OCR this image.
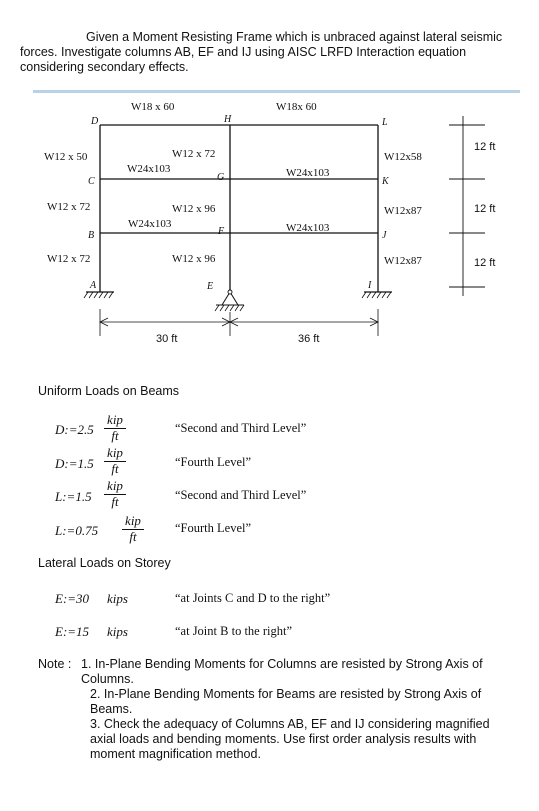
Given a Moment Resisting Frame which is unbraced against lateral seismic
forces. Investigate columns AB, EF and IJ using AISC LRFD Interaction equation
considering secondary effects.
D
C
B
A
H
G
F
E
L
K
J
I
W18 x 60	W18x 60
W24x103	W24x103
W24x103	W24x103
W12 x 50
W12 x 72
W12 x 72
W12 x 72
W12 x 96
W12 x 96
W12x58
W12x87
W12x87
12 ft
12 ft
12 ft
30 ft	36 ft
Uniform Loads on Beams
D:=2.5
kip
ft	“Second and Third Level”
D:=1.5
kip
ft	“Fourth Level”
L:=1.5
kip
ft	“Second and Third Level”
L:=0.75
kip
ft
“Fourth Level”
Lateral Loads on Storey
E:=30 kips	“at Joints C and D to the right”
E:=15 kips	“at Joint B to the right”
Note : 1. In-Plane Bending Moments for Columns are resisted by Strong Axis of

Columns.

2. In-Plane Bending Moments for Beams are resisted by Strong Axis of

Beams.

3. Check the adequacy of Columns AB, EF and IJ considering magnified

axial loads and bending moments. Use first order analysis results with

moment magnification method.
